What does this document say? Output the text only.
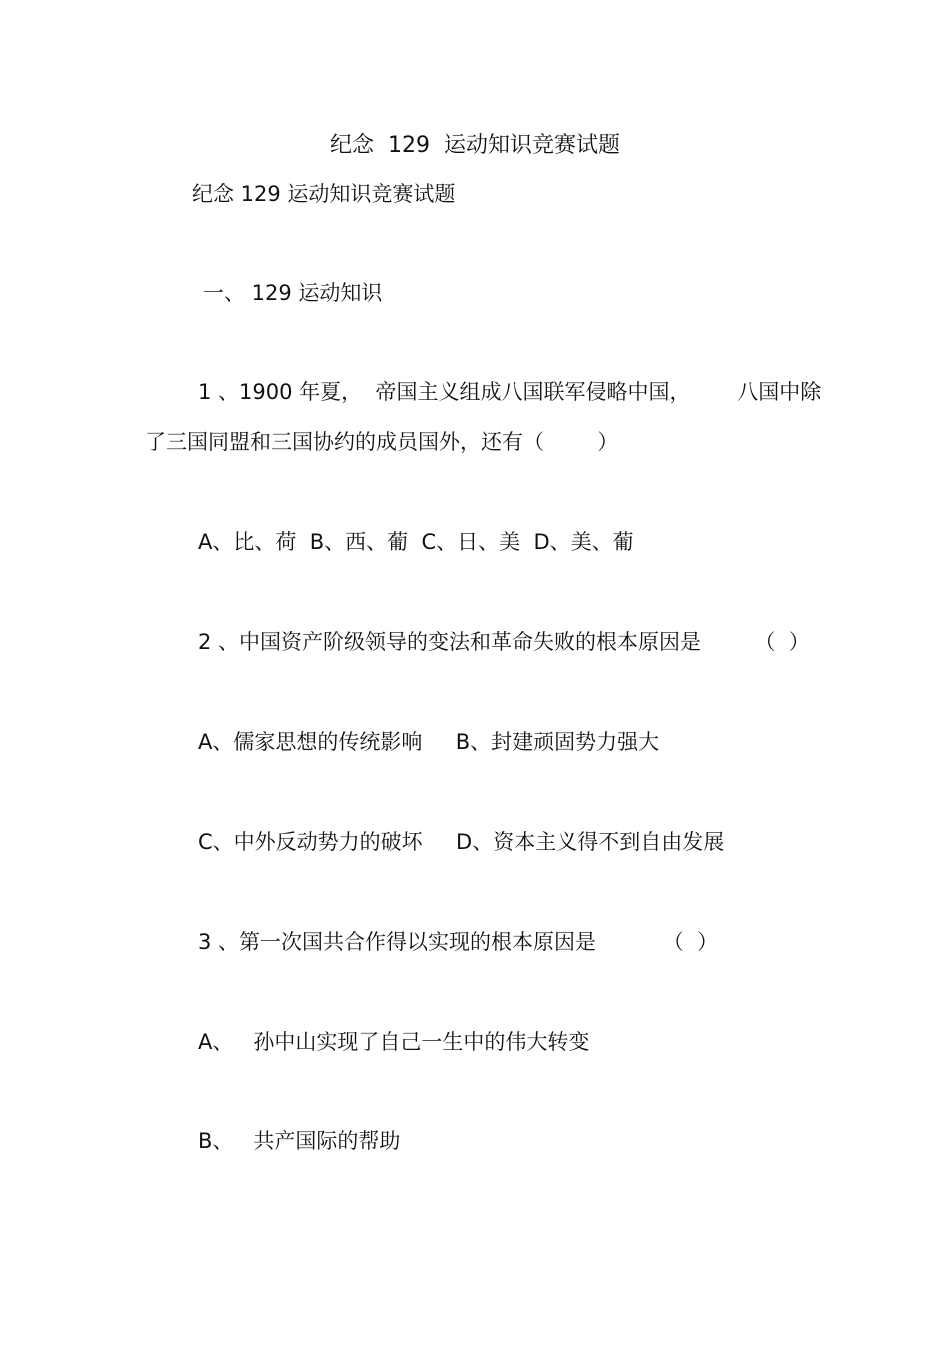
纪念  129  运动知识竞赛试题
纪念 129 运动知识竞赛试题
一、 129 运动知识
1 、1900 年夏，  帝国主义组成八国联军侵略中国，       八国中除
了三国同盟和三国协约的成员国外，还有（        ）
A、比、荷  B、西、葡  C、日、美  D、美、葡
2 、中国资产阶级领导的变法和革命失败的根本原因是        （  ）
A、儒家思想的传统影响     B、封建顽固势力强大
C、中外反动势力的破坏     D、资本主义得不到自由发展
3 、第一次国共合作得以实现的根本原因是          （  ）
A、   孙中山实现了自己一生中的伟大转变
B、   共产国际的帮助
